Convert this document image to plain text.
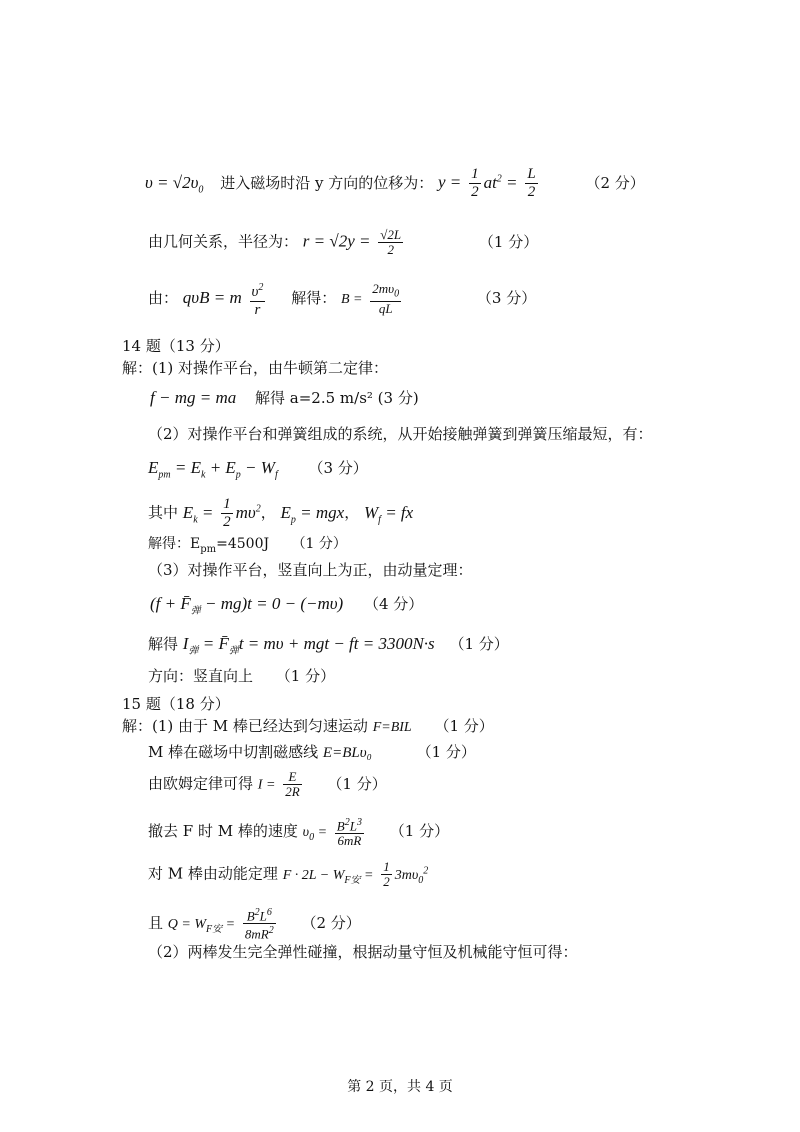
$\upsilon = √2\upsilon_0$ 进入磁场时沿 y 方向的位移为： $y = \frac{1}{2} at^2 = \frac{L}{2}$	（2 分）
由几何关系，半径为： $r = √2y = \frac{√2L}{2}$	（1 分）
由： qυB = m $\frac{\upsilon^2}{r}$ 解得： $B = \frac{2m\upsilon_0}{qL}$	（3 分）
14 题（13 分）
解：(1) 对操作平台，由牛顿第二定律：
f − mg = ma 解得 a=2.5 m/s² (3 分)
（2）对操作平台和弹簧组成的系统，从开始接触弹簧到弹簧压缩最短，有：
$E_{pm} = E_k + E_p - W_f$ （3 分）
其中 $E_k = \frac{1}{2} m\upsilon^2$， $E_p$ = mgx， $W_f$ = fx
解得：$E_{pm}=4500J$ （1 分）
（3）对操作平台，竖直向上为正，由动量定理：
$(f + F̄_弹 - mg)t = 0 - (-m\upsilon)$ （4 分）
解得 $I_弹$ = $F̄_弹t = m\upsilon$ + mgt − ft = 3300N·s （1 分）
方向：竖直向上 （1 分）
15 题（18 分）
解：(1) 由于 M 棒已经达到匀速运动 F=BIL （1 分）
M 棒在磁场中切割磁感线 E=BLυ₀	（1 分）
由欧姆定律可得 $I = \frac{E}{2R} (1$ 分）
撤去 F 时 M 棒的速度 $\upsilon_0 = \frac{B^2L^3}{6mR} (1$ 分）
对 M 棒由动能定理 $F \cdot 2L - W_{F安} = \frac{1}{2} 3m\upsilon_0^2$
且 $Q = W_{F安} = \frac{B^2L^6}{8mR^2} (2$ 分）
（2）两棒发生完全弹性碰撞，根据动量守恒及机械能守恒可得：
第 2 页，共 4 页
